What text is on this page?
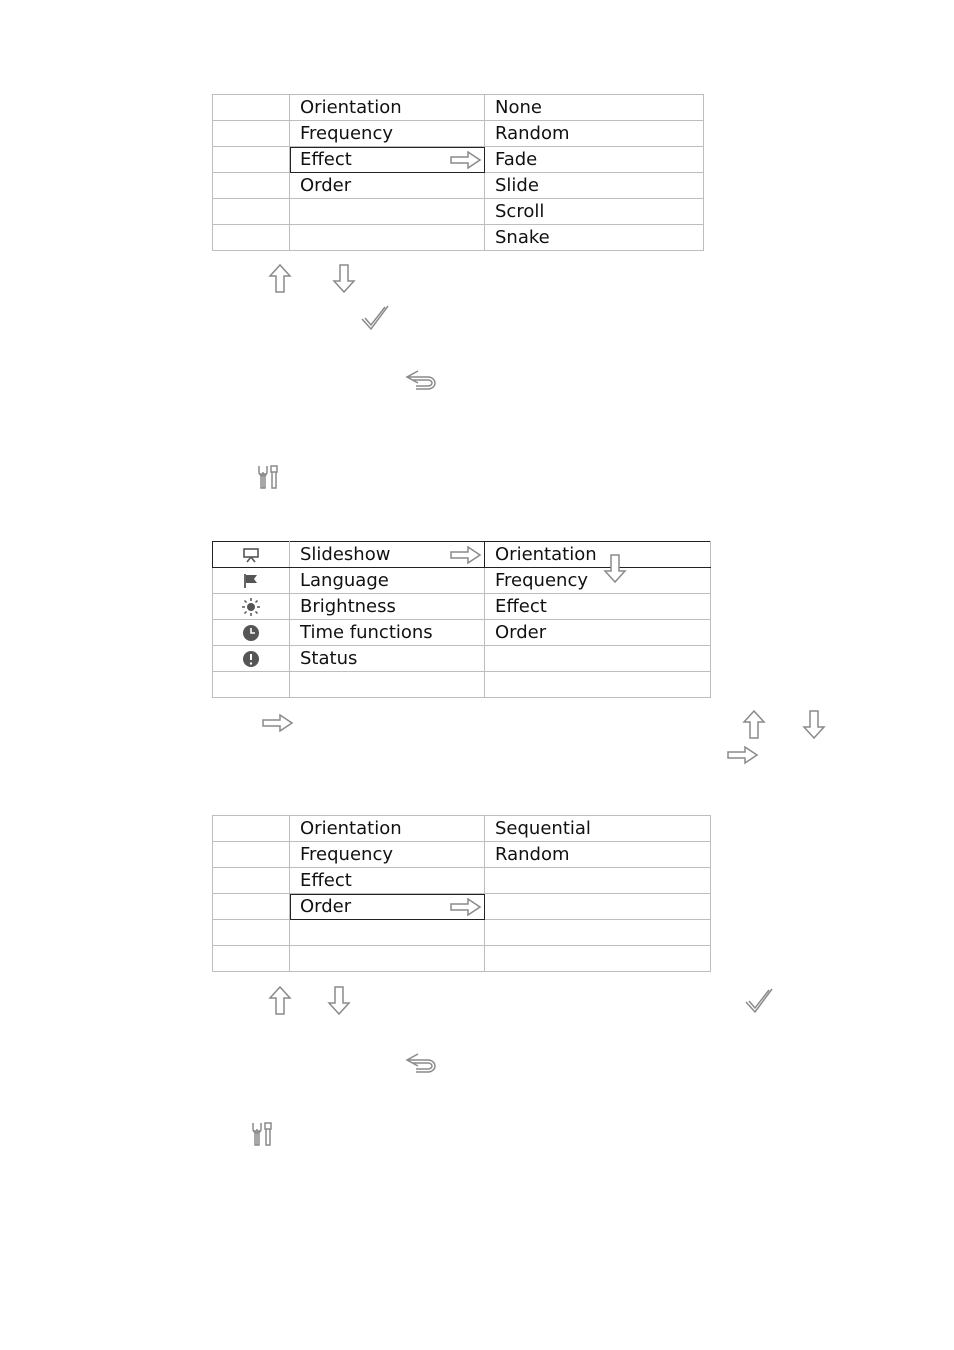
	Orientation	None
	Frequency	Random
	Effect	Fade
	Order	Slide
		Scroll
		Snake
	Slideshow	Orientation

	Language	Frequency
	Brightness	Effect
	Time functions	Order
	Status	

	Orientation	Sequential
	Frequency	Random
	Effect	
	Order
